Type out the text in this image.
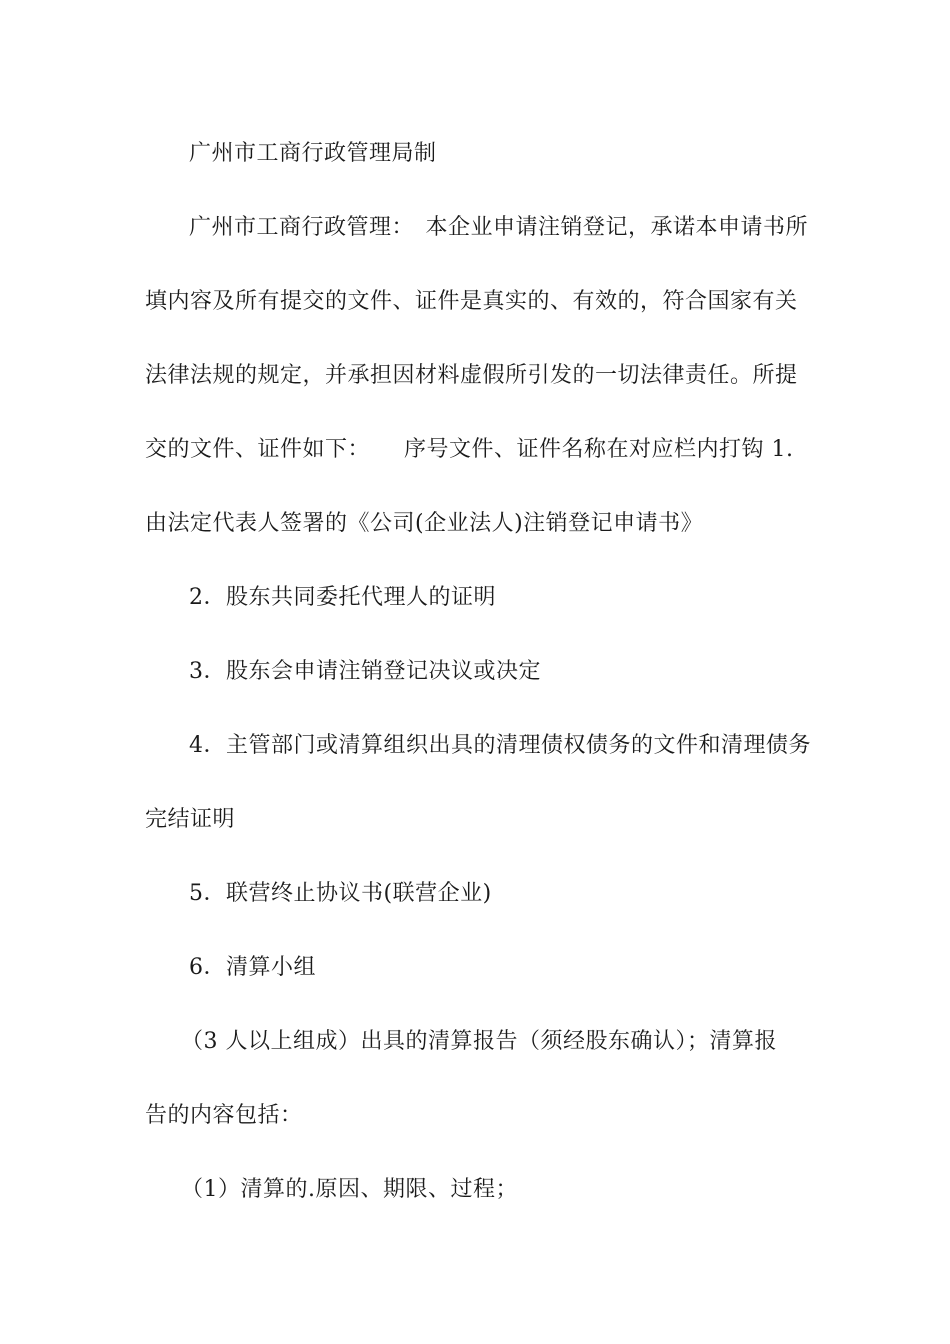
广州市工商行政管理局制
广州市工商行政管理：　本企业申请注销登记，承诺本申请书所
填内容及所有提交的文件、证件是真实的、有效的，符合国家有关
法律法规的规定，并承担因材料虚假所引发的一切法律责任。所提
交的文件、证件如下：　　序号文件、证件名称在对应栏内打钩 1.
由法定代表人签署的《公司(企业法人)注销登记申请书》
2．股东共同委托代理人的证明
3．股东会申请注销登记决议或决定
4．主管部门或清算组织出具的清理债权债务的文件和清理债务
完结证明
5．联营终止协议书(联营企业)
6．清算小组
（3 人以上组成）出具的清算报告（须经股东确认）；清算报
告的内容包括：
（1）清算的.原因、期限、过程；
